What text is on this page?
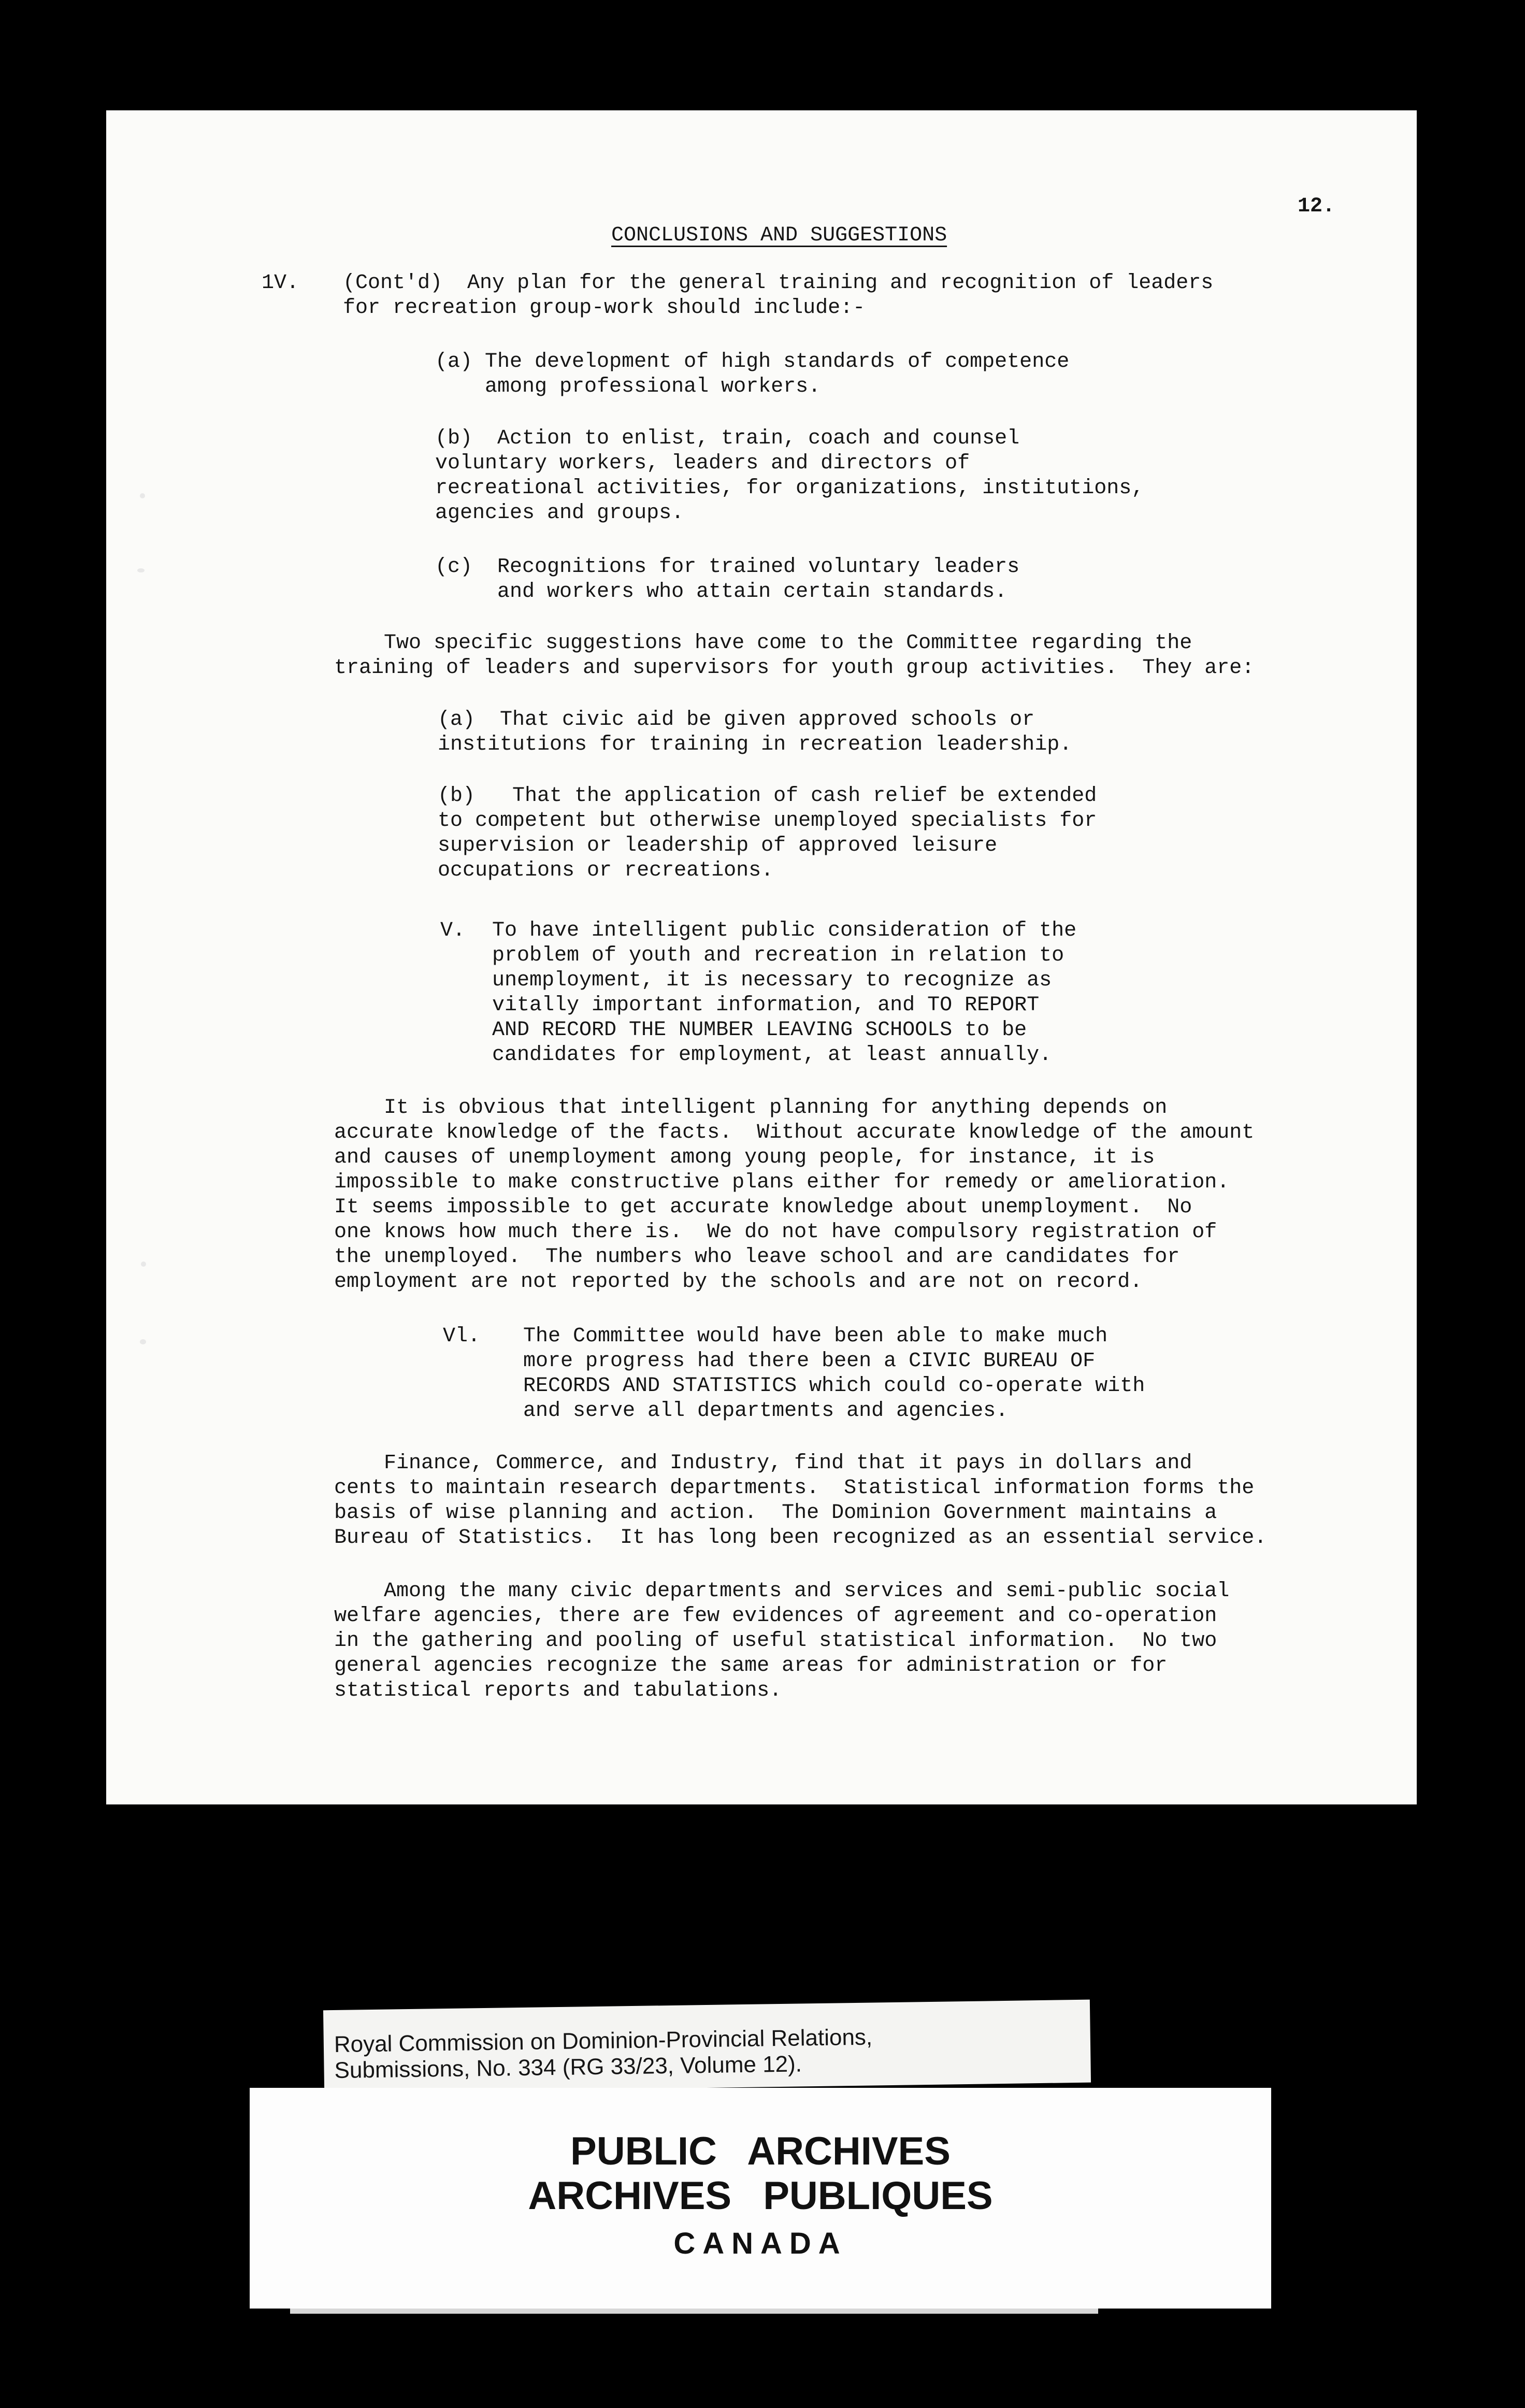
12.
CONCLUSIONS AND SUGGESTIONS
1V. (Cont'd)  Any plan for the general training and recognition of leaders
for recreation group-work should include:-
(a) The development of high standards of competence
among professional workers.
(b)  Action to enlist, train, coach and counsel
voluntary workers, leaders and directors of
recreational activities, for organizations, institutions,
agencies and groups.
(c)  Recognitions for trained voluntary leaders
and workers who attain certain standards.
Two specific suggestions have come to the Committee regarding the
training of leaders and supervisors for youth group activities.  They are:
(a)  That civic aid be given approved schools or
institutions for training in recreation leadership.
(b)   That the application of cash relief be extended
to competent but otherwise unemployed specialists for
supervision or leadership of approved leisure
occupations or recreations.
V. To have intelligent public consideration of the
problem of youth and recreation in relation to
unemployment, it is necessary to recognize as
vitally important information, and TO REPORT
AND RECORD THE NUMBER LEAVING SCHOOLS to be
candidates for employment, at least annually.
It is obvious that intelligent planning for anything depends on
accurate knowledge of the facts.  Without accurate knowledge of the amount
and causes of unemployment among young people, for instance, it is
impossible to make constructive plans either for remedy or amelioration.
It seems impossible to get accurate knowledge about unemployment.  No
one knows how much there is.  We do not have compulsory registration of
the unemployed.  The numbers who leave school and are candidates for
employment are not reported by the schools and are not on record.
Vl. The Committee would have been able to make much
more progress had there been a CIVIC BUREAU OF
RECORDS AND STATISTICS which could co-operate with
and serve all departments and agencies.
Finance, Commerce, and Industry, find that it pays in dollars and
cents to maintain research departments.  Statistical information forms the
basis of wise planning and action.  The Dominion Government maintains a
Bureau of Statistics.  It has long been recognized as an essential service.
Among the many civic departments and services and semi-public social
welfare agencies, there are few evidences of agreement and co-operation
in the gathering and pooling of useful statistical information.  No two
general agencies recognize the same areas for administration or for
statistical reports and tabulations.
Royal Commission on Dominion-Provincial Relations,
Submissions, No. 334 (RG 33/23, Volume 12).
PUBLIC ARCHIVES
ARCHIVES PUBLIQUES
CANADA
